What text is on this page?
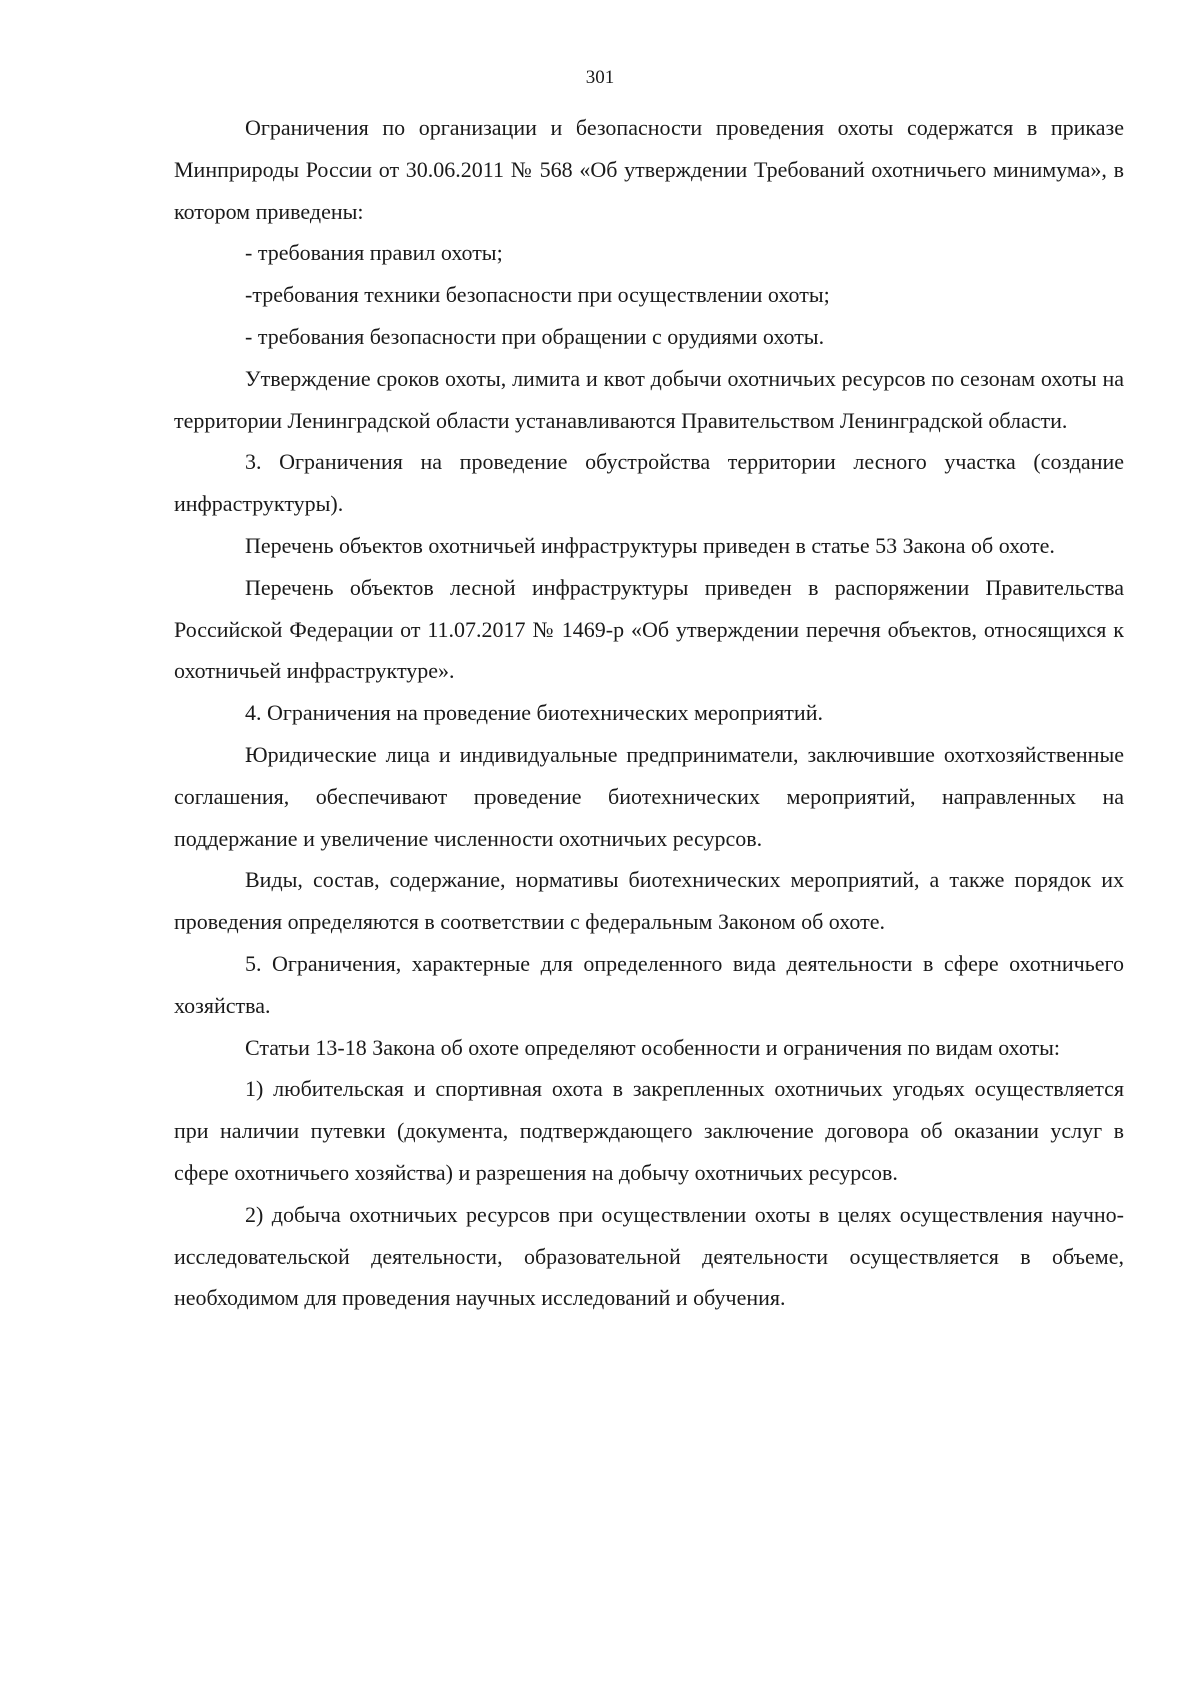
301

Ограничения по организации и безопасности проведения охоты содержатся в приказе Минприроды России от 30.06.2011 № 568 «Об утверждении Требований охотничьего минимума», в котором приведены:

- требования правил охоты;

-требования техники безопасности при осуществлении охоты;

- требования безопасности при обращении с орудиями охоты.

Утверждение сроков охоты, лимита и квот добычи охотничьих ресурсов по сезонам охоты на территории Ленинградской области устанавливаются Правительством Ленинградской области.

3. Ограничения на проведение обустройства территории лесного участка (создание инфраструктуры).

Перечень объектов охотничьей инфраструктуры приведен в статье 53 Закона об охоте.

Перечень объектов лесной инфраструктуры приведен в распоряжении Правительства Российской Федерации от 11.07.2017 № 1469-р «Об утверждении перечня объектов, относящихся к охотничьей инфраструктуре».

4. Ограничения на проведение биотехнических мероприятий.

Юридические лица и индивидуальные предприниматели, заключившие охотхозяйственные соглашения, обеспечивают проведение биотехнических мероприятий, направленных на поддержание и увеличение численности охотничьих ресурсов.

Виды, состав, содержание, нормативы биотехнических мероприятий, а также порядок их проведения определяются в соответствии с федеральным Законом об охоте.

5. Ограничения, характерные для определенного вида деятельности в сфере охотничьего хозяйства.

Статьи 13-18 Закона об охоте определяют особенности и ограничения по видам охоты:

1) любительская и спортивная охота в закрепленных охотничьих угодьях осуществляется при наличии путевки (документа, подтверждающего заключение договора об оказании услуг в сфере охотничьего хозяйства) и разрешения на добычу охотничьих ресурсов.

2) добыча охотничьих ресурсов при осуществлении охоты в целях осуществления научно-исследовательской деятельности, образовательной деятельности осуществляется в объеме, необходимом для проведения научных исследований и обучения.
